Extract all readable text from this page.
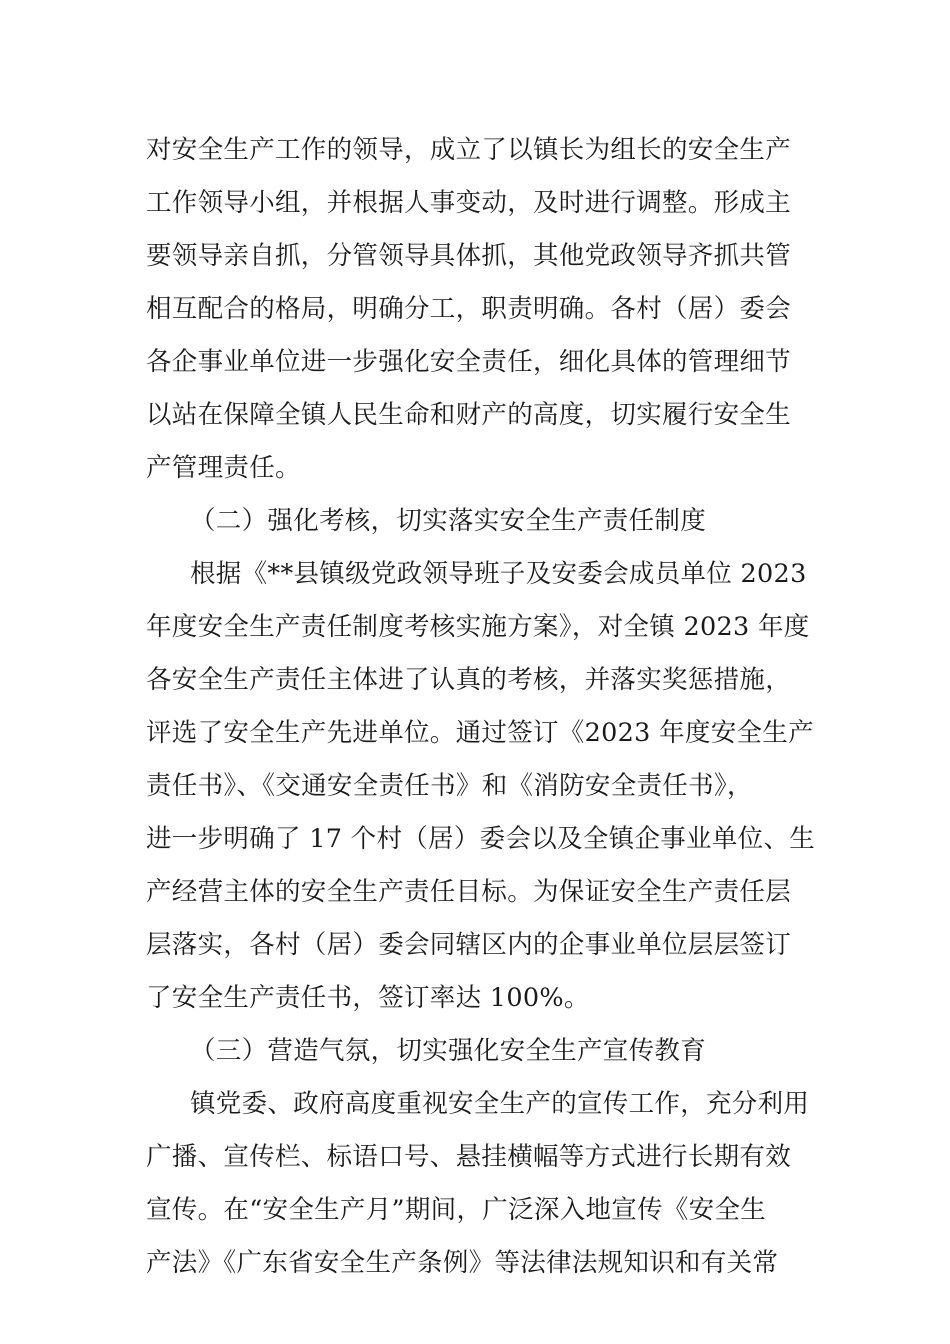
对安全生产工作的领导，成立了以镇长为组长的安全生产
工作领导小组，并根据人事变动，及时进行调整。形成主
要领导亲自抓，分管领导具体抓，其他党政领导齐抓共管
相互配合的格局，明确分工，职责明确。各村（居）委会
各企事业单位进一步强化安全责任，细化具体的管理细节
以站在保障全镇人民生命和财产的高度，切实履行安全生
产管理责任。
（二）强化考核，切实落实安全生产责任制度
根据《**县镇级党政领导班子及安委会成员单位 2023
年度安全生产责任制度考核实施方案》，对全镇 2023 年度
各安全生产责任主体进了认真的考核，并落实奖惩措施，
评选了安全生产先进单位。通过签订《2023 年度安全生产
责任书》、《交通安全责任书》和《消防安全责任书》，
进一步明确了 17 个村（居）委会以及全镇企事业单位、生
产经营主体的安全生产责任目标。为保证安全生产责任层
层落实，各村（居）委会同辖区内的企事业单位层层签订
了安全生产责任书，签订率达 100%。
（三）营造气氛，切实强化安全生产宣传教育
镇党委、政府高度重视安全生产的宣传工作，充分利用
广播、宣传栏、标语口号、悬挂横幅等方式进行长期有效
宣传。在“安全生产月”期间，广泛深入地宣传《安全生
产法》《广东省安全生产条例》等法律法规知识和有关常
